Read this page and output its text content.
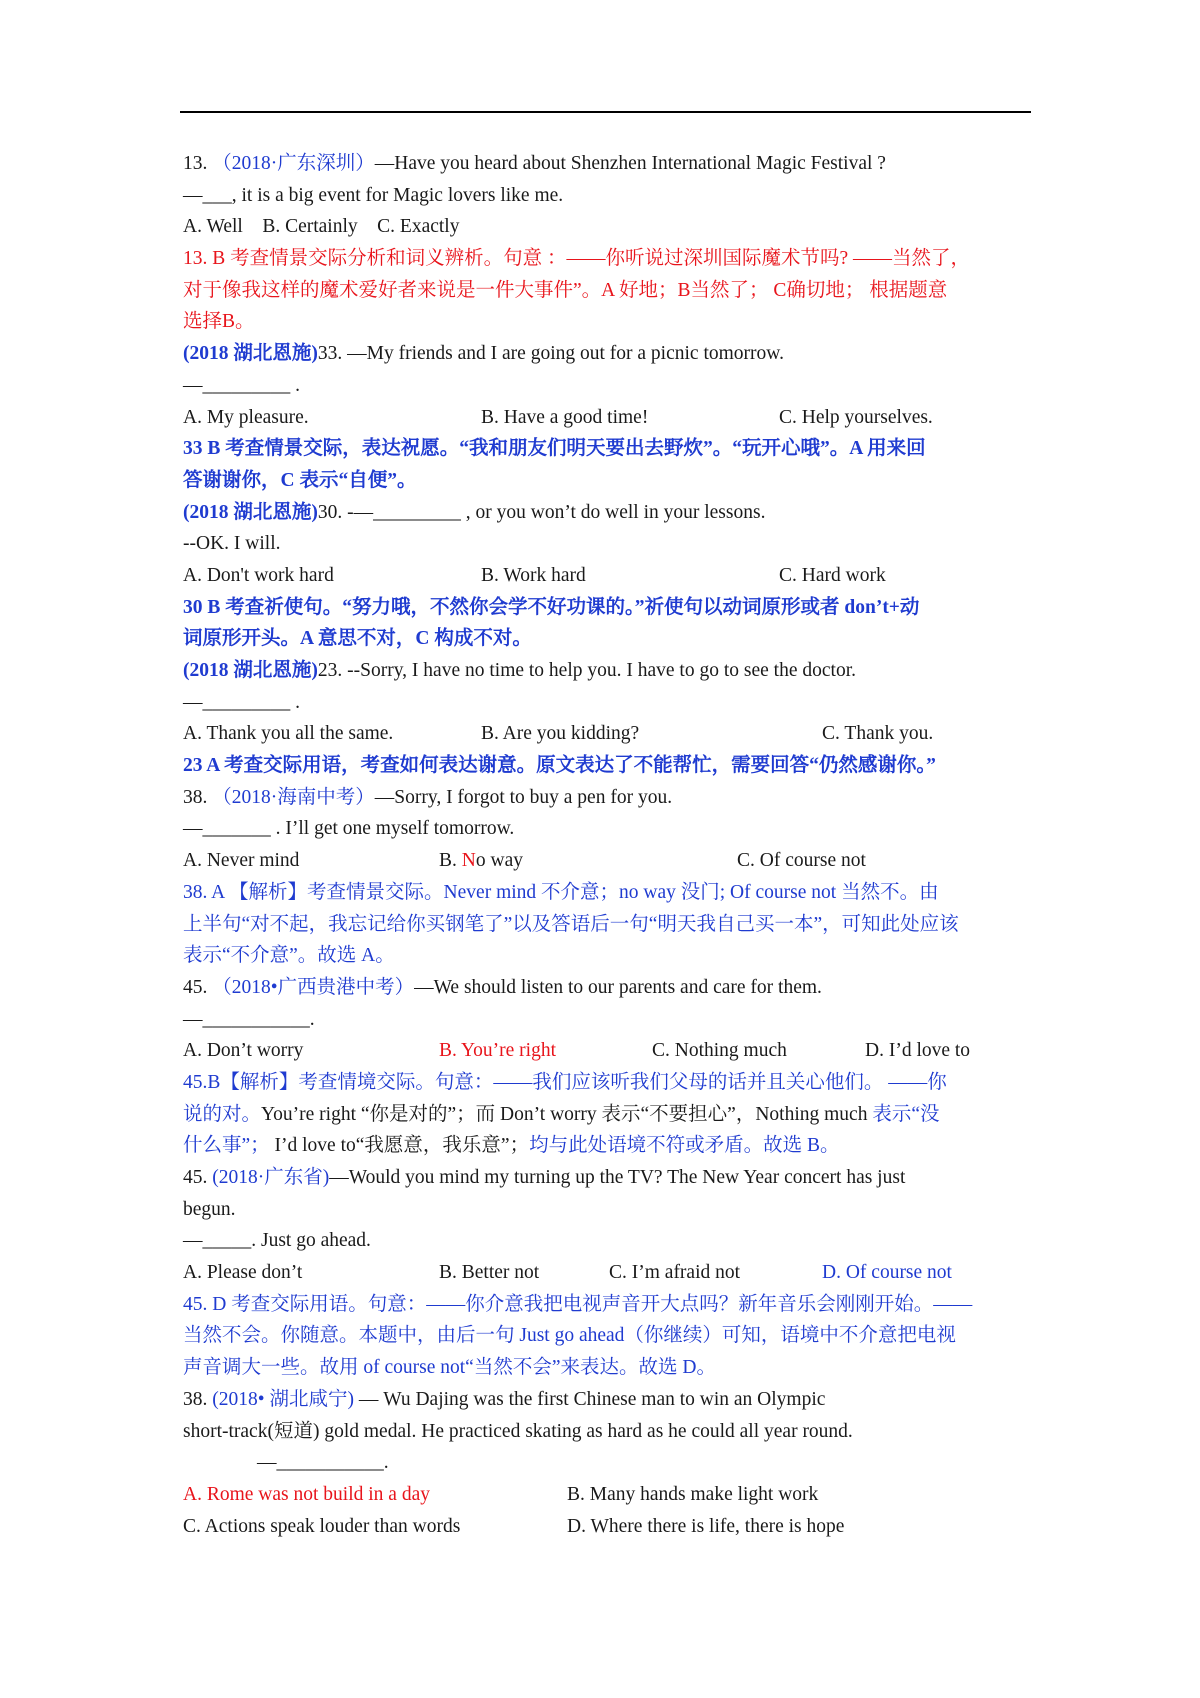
13. （2018·广东深圳）—Have you heard about Shenzhen International Magic Festival ?
—___, it is a big event for Magic lovers like me.
A. Well B. Certainly C. Exactly
13. B 考查情景交际分析和词义辨析。句意 ：——你听说过深圳国际魔术节吗? ——当然了，
对于像我这样的魔术爱好者来说是一件大事件”。A 好地；B当然了； C确切地； 根据题意
选择B。
(2018 湖北恩施)33. —My friends and I are going out for a picnic tomorrow.
—_________ .
A. My pleasure.	B. Have a good time!	C. Help yourselves.
33 B 考查情景交际，表达祝愿。“我和朋友们明天要出去野炊”。“玩开心哦”。A 用来回
答谢谢你，C 表示“自便”。
(2018 湖北恩施)30. -—_________ , or you won’t do well in your lessons.
--OK. I will.
A. Don't work hard	B. Work hard	C. Hard work
30 B 考查祈使句。“努力哦，不然你会学不好功课的。”祈使句以动词原形或者 don’t+动
词原形开头。A 意思不对，C 构成不对。
(2018 湖北恩施)23. --Sorry, I have no time to help you. I have to go to see the doctor.
—_________ .
A. Thank you all the same.	B. Are you kidding?	C. Thank you.
23 A 考查交际用语，考查如何表达谢意。原文表达了不能帮忙，需要回答“仍然感谢你。”
38. （2018·海南中考）—Sorry, I forgot to buy a pen for you.
—_______ . I’ll get one myself tomorrow.
A. Never mind	B. No way	C. Of course not
38. A 【解析】考查情景交际。Never mind 不介意；no way 没门; Of course not 当然不。由
上半句“对不起，我忘记给你买钢笔了”以及答语后一句“明天我自己买一本”，可知此处应该
表示“不介意”。故选 A。
45. （2018•广西贵港中考）—We should listen to our parents and care for them.
—___________.
A. Don’t worry	B. You’re right	C. Nothing much	D. I’d love to
45.B【解析】考查情境交际。句意：——我们应该听我们父母的话并且关心他们。 ——你
说的对。You’re right “你是对的”；而 Don’t worry 表示“不要担心”，Nothing much 表示“没
什么事”； I’d love to“我愿意，我乐意”；均与此处语境不符或矛盾。故选 B。
45. (2018·广东省)—Would you mind my turning up the TV? The New Year concert has just
begun.
—_____. Just go ahead.
A. Please don’t	B. Better not	C. I’m afraid not	D. Of course not
45. D 考查交际用语。句意：——你介意我把电视声音开大点吗？新年音乐会刚刚开始。——
当然不会。你随意。本题中，由后一句 Just go ahead（你继续）可知，语境中不介意把电视
声音调大一些。故用 of course not“当然不会”来表达。故选 D。
38. (2018• 湖北咸宁) — Wu Dajing was the first Chinese man to win an Olympic
short-track(短道) gold medal. He practiced skating as hard as he could all year round.
—___________.
A. Rome was not build in a day	B. Many hands make light work
C. Actions speak louder than words	D. Where there is life, there is hope
